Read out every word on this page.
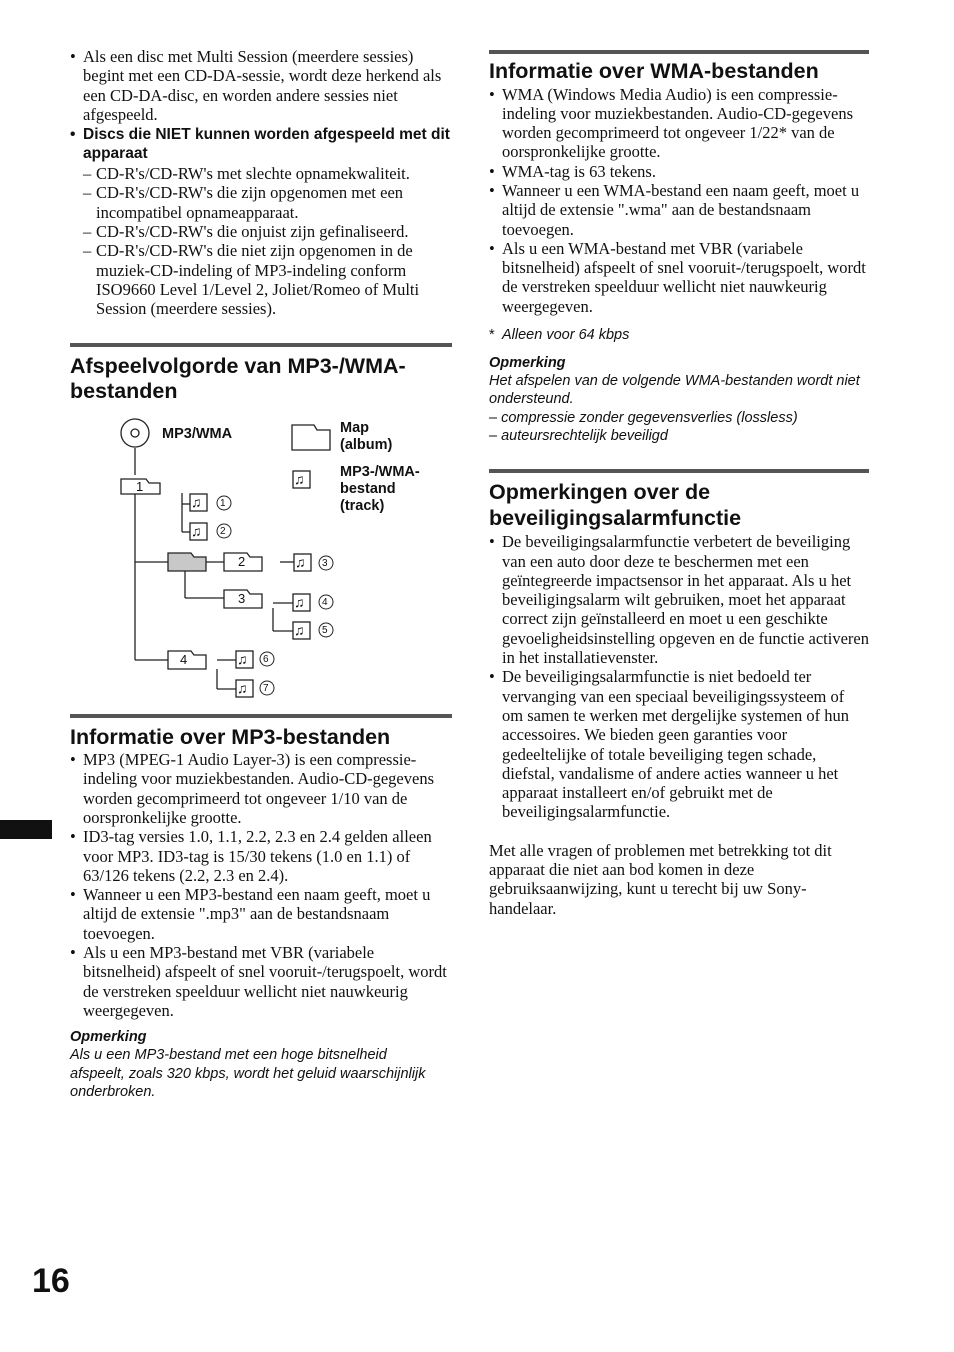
• Als een disc met Multi Session (meerdere sessies) begint met een CD-DA-sessie, wordt deze herkend als een CD-DA-disc, en worden andere sessies niet afgespeeld.
• Discs die NIET kunnen worden afgespeeld met dit apparaat
– CD-R's/CD-RW's met slechte opnamekwaliteit.
– CD-R's/CD-RW's die zijn opgenomen met een incompatibel opnameapparaat.
– CD-R's/CD-RW's die onjuist zijn gefinaliseerd.
– CD-R's/CD-RW's die niet zijn opgenomen in de muziek-CD-indeling of MP3-indeling conform ISO9660 Level 1/Level 2, Joliet/Romeo of Multi Session (meerdere sessies).
Afspeelvolgorde van MP3-/WMA-bestanden
♫
♫
♫
♫
♫
♫
♫
♫
1
2
3
4
1
2
3
4
5
6
7
MP3/WMA	Map (album)
MP3-/WMA-bestand (track)
Informatie over MP3-bestanden
• MP3 (MPEG-1 Audio Layer-3) is een compressie-indeling voor muziekbestanden. Audio-CD-gegevens worden gecomprimeerd tot ongeveer 1/10 van de oorspronkelijke grootte.
• ID3-tag versies 1.0, 1.1, 2.2, 2.3 en 2.4 gelden alleen voor MP3. ID3-tag is 15/30 tekens (1.0 en 1.1) of 63/126 tekens (2.2, 2.3 en 2.4).
• Wanneer u een MP3-bestand een naam geeft, moet u altijd de extensie ".mp3" aan de bestandsnaam toevoegen.
• Als u een MP3-bestand met VBR (variabele bitsnelheid) afspeelt of snel vooruit-/terugspoelt, wordt de verstreken speelduur wellicht niet nauwkeurig weergegeven.
Opmerking
Als u een MP3-bestand met een hoge bitsnelheid afspeelt, zoals 320 kbps, wordt het geluid waarschijnlijk onderbroken.
Informatie over WMA-bestanden
• WMA (Windows Media Audio) is een compressie-indeling voor muziekbestanden. Audio-CD-gegevens worden gecomprimeerd tot ongeveer 1/22* van de oorspronkelijke grootte.
• WMA-tag is 63 tekens.
• Wanneer u een WMA-bestand een naam geeft, moet u altijd de extensie ".wma" aan de bestandsnaam toevoegen.
• Als u een WMA-bestand met VBR (variabele bitsnelheid) afspeelt of snel vooruit-/terugspoelt, wordt de verstreken speelduur wellicht niet nauwkeurig weergegeven.
* Alleen voor 64 kbps
Opmerking
Het afspelen van de volgende WMA-bestanden wordt niet ondersteund.
– compressie zonder gegevensverlies (lossless)
– auteursrechtelijk beveiligd
Opmerkingen over de beveiligingsalarmfunctie
• De beveiligingsalarmfunctie verbetert de beveiliging van een auto door deze te beschermen met een geïntegreerde impactsensor in het apparaat. Als u het beveiligingsalarm wilt gebruiken, moet het apparaat correct zijn geïnstalleerd en moet u een geschikte gevoeligheidsinstelling opgeven en de functie activeren in het installatievenster.
• De beveiligingsalarmfunctie is niet bedoeld ter vervanging van een speciaal beveiligingssysteem of om samen te werken met dergelijke systemen of hun accessoires. We bieden geen garanties voor gedeeltelijke of totale beveiliging tegen schade, diefstal, vandalisme of andere acties wanneer u het apparaat installeert en/of gebruikt met de beveiligingsalarmfunctie.

Met alle vragen of problemen met betrekking tot dit apparaat die niet aan bod komen in deze gebruiksaanwijzing, kunt u terecht bij uw Sony-handelaar.

16
